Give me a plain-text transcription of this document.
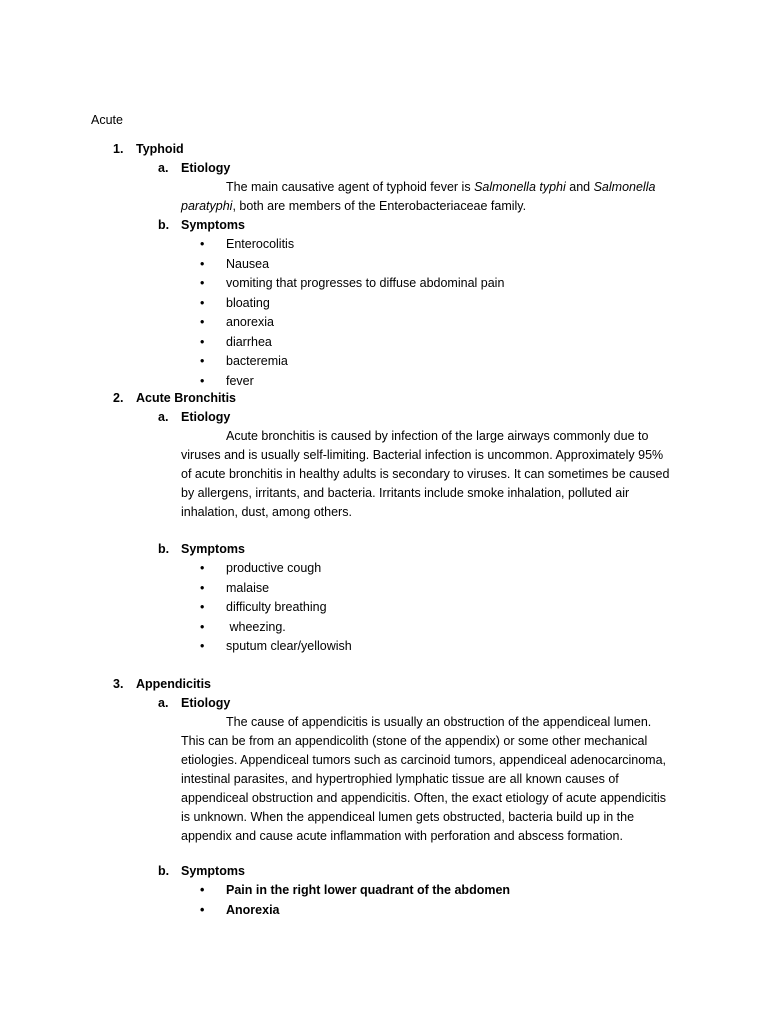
Acute
1. Typhoid
a. Etiology

The main causative agent of typhoid fever is Salmonella typhi and Salmonella paratyphi, both are members of the Enterobacteriaceae family.

b. Symptoms
• Enterocolitis
• Nausea
• vomiting that progresses to diffuse abdominal pain
• bloating
• anorexia
• diarrhea
• bacteremia
• fever
2. Acute Bronchitis
a. Etiology

Acute bronchitis is caused by infection of the large airways commonly due to viruses and is usually self-limiting. Bacterial infection is uncommon. Approximately 95% of acute bronchitis in healthy adults is secondary to viruses. It can sometimes be caused by allergens, irritants, and bacteria. Irritants include smoke inhalation, polluted air inhalation, dust, among others.

b. Symptoms
• productive cough
• malaise
• difficulty breathing
• wheezing.
• sputum clear/yellowish
3. Appendicitis
a. Etiology

The cause of appendicitis is usually an obstruction of the appendiceal lumen. This can be from an appendicolith (stone of the appendix) or some other mechanical etiologies. Appendiceal tumors such as carcinoid tumors, appendiceal adenocarcinoma, intestinal parasites, and hypertrophied lymphatic tissue are all known causes of appendiceal obstruction and appendicitis. Often, the exact etiology of acute appendicitis is unknown. When the appendiceal lumen gets obstructed, bacteria build up in the appendix and cause acute inflammation with perforation and abscess formation.

b. Symptoms
• Pain in the right lower quadrant of the abdomen
• Anorexia
